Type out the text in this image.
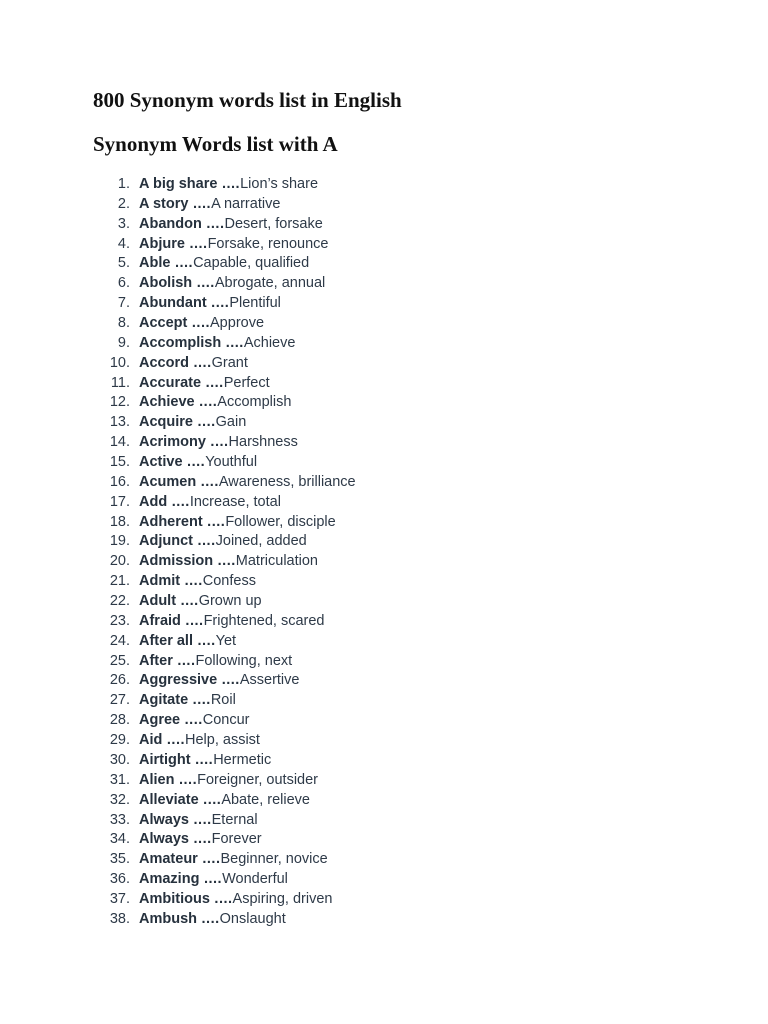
800 Synonym words list in English
Synonym Words list with A
1. A big share ....Lion’s share
2. A story ....A narrative
3. Abandon ....Desert, forsake
4. Abjure ....Forsake, renounce
5. Able ....Capable, qualified
6. Abolish ....Abrogate, annual
7. Abundant ....Plentiful
8. Accept ....Approve
9. Accomplish ....Achieve
10. Accord ....Grant
11. Accurate ....Perfect
12. Achieve ....Accomplish
13. Acquire ....Gain
14. Acrimony ....Harshness
15. Active ....Youthful
16. Acumen ....Awareness, brilliance
17. Add ....Increase, total
18. Adherent ....Follower, disciple
19. Adjunct ....Joined, added
20. Admission ....Matriculation
21. Admit ....Confess
22. Adult ....Grown up
23. Afraid ....Frightened, scared
24. After all ....Yet
25. After ....Following, next
26. Aggressive ....Assertive
27. Agitate ....Roil
28. Agree ....Concur
29. Aid ....Help, assist
30. Airtight ....Hermetic
31. Alien ....Foreigner, outsider
32. Alleviate ....Abate, relieve
33. Always ....Eternal
34. Always ....Forever
35. Amateur ....Beginner, novice
36. Amazing ....Wonderful
37. Ambitious ....Aspiring, driven
38. Ambush ....Onslaught
